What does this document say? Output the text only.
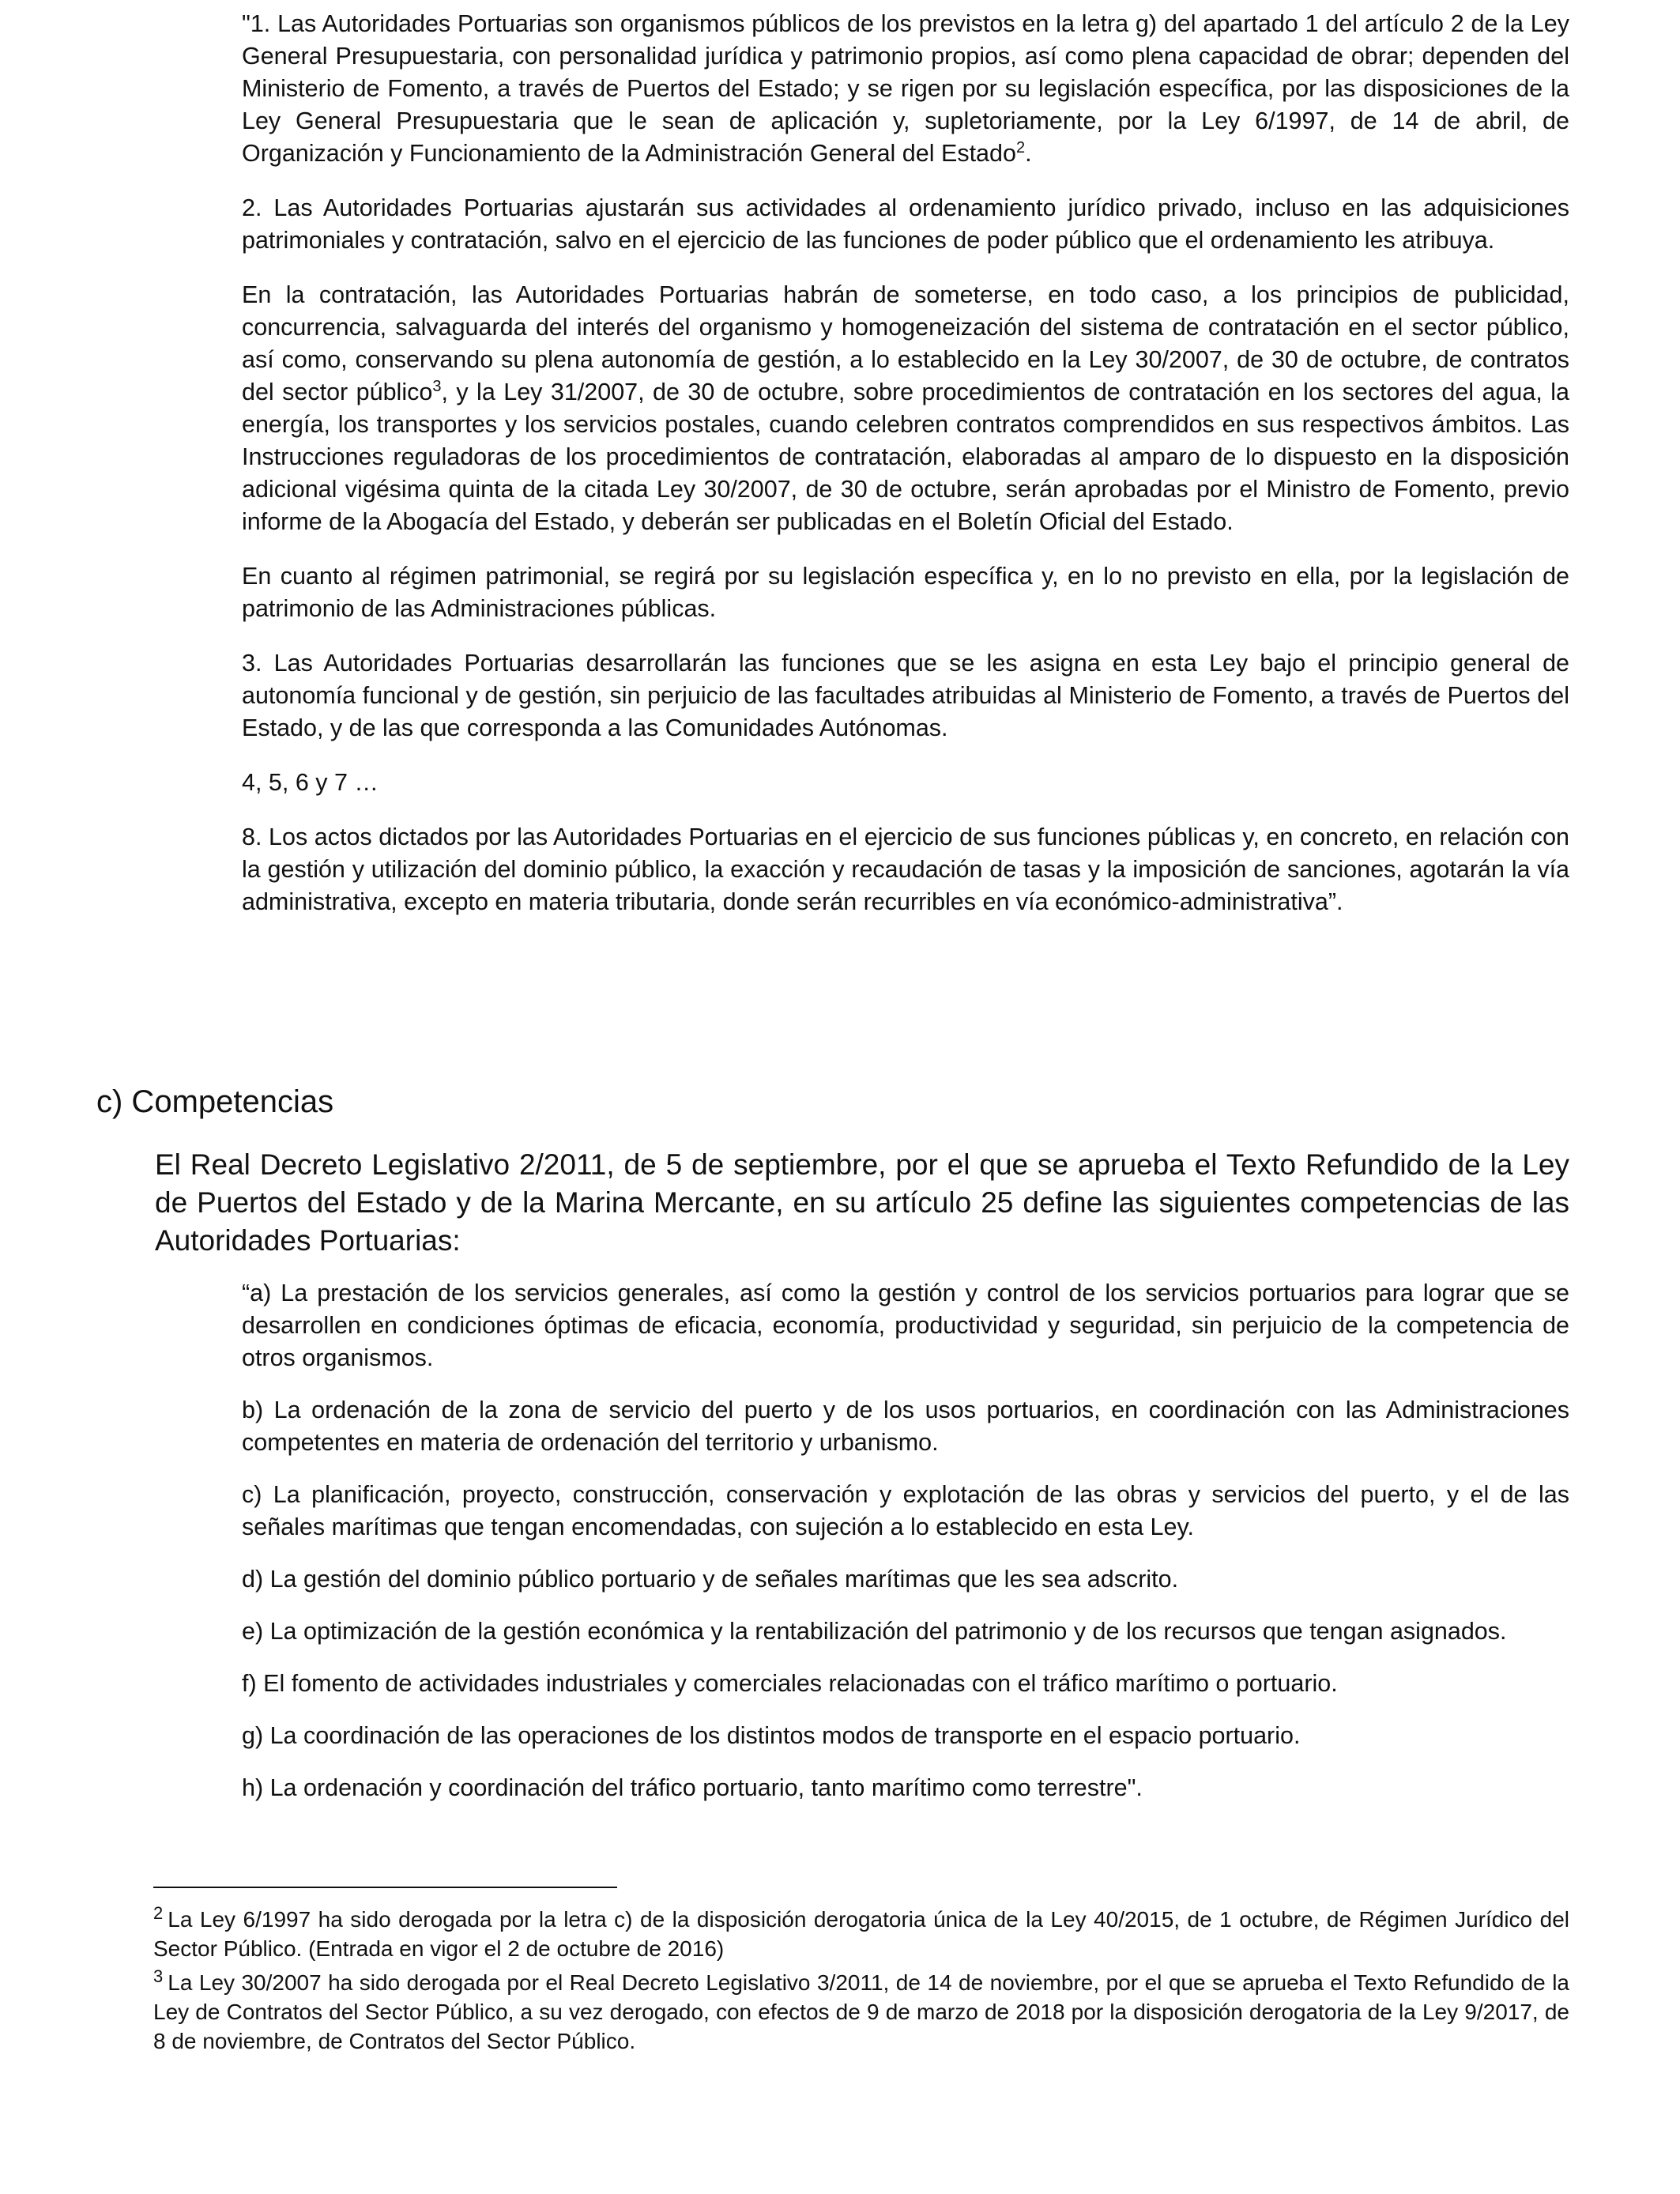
"1. Las Autoridades Portuarias son organismos públicos de los previstos en la letra g) del apartado 1 del artículo 2 de la Ley General Presupuestaria, con personalidad jurídica y patrimonio propios, así como plena capacidad de obrar; dependen del Ministerio de Fomento, a través de Puertos del Estado; y se rigen por su legislación específica, por las disposiciones de la Ley General Presupuestaria que le sean de aplicación y, supletoriamente, por la Ley 6/1997, de 14 de abril, de Organización y Funcionamiento de la Administración General del Estado$^2$.

2. Las Autoridades Portuarias ajustarán sus actividades al ordenamiento jurídico privado, incluso en las adquisiciones patrimoniales y contratación, salvo en el ejercicio de las funciones de poder público que el ordenamiento les atribuya.

En la contratación, las Autoridades Portuarias habrán de someterse, en todo caso, a los principios de publicidad, concurrencia, salvaguarda del interés del organismo y homogeneización del sistema de contratación en el sector público, así como, conservando su plena autonomía de gestión, a lo establecido en la Ley 30/2007, de 30 de octubre, de contratos del sector público$^3$, y la Ley 31/2007, de 30 de octubre, sobre procedimientos de contratación en los sectores del agua, la energía, los transportes y los servicios postales, cuando celebren contratos comprendidos en sus respectivos ámbitos. Las Instrucciones reguladoras de los procedimientos de contratación, elaboradas al amparo de lo dispuesto en la disposición adicional vigésima quinta de la citada Ley 30/2007, de 30 de octubre, serán aprobadas por el Ministro de Fomento, previo informe de la Abogacía del Estado, y deberán ser publicadas en el Boletín Oficial del Estado.

En cuanto al régimen patrimonial, se regirá por su legislación específica y, en lo no previsto en ella, por la legislación de patrimonio de las Administraciones públicas.

3. Las Autoridades Portuarias desarrollarán las funciones que se les asigna en esta Ley bajo el principio general de autonomía funcional y de gestión, sin perjuicio de las facultades atribuidas al Ministerio de Fomento, a través de Puertos del Estado, y de las que corresponda a las Comunidades Autónomas.

4, 5, 6 y 7 …

8. Los actos dictados por las Autoridades Portuarias en el ejercicio de sus funciones públicas y, en concreto, en relación con la gestión y utilización del dominio público, la exacción y recaudación de tasas y la imposición de sanciones, agotarán la vía administrativa, excepto en materia tributaria, donde serán recurribles en vía económico-administrativa”.

c) Competencias

El Real Decreto Legislativo 2/2011, de 5 de septiembre, por el que se aprueba el Texto Refundido de la Ley de Puertos del Estado y de la Marina Mercante, en su artículo 25 define las siguientes competencias de las Autoridades Portuarias:

“a) La prestación de los servicios generales, así como la gestión y control de los servicios portuarios para lograr que se desarrollen en condiciones óptimas de eficacia, economía, productividad y seguridad, sin perjuicio de la competencia de otros organismos.

b) La ordenación de la zona de servicio del puerto y de los usos portuarios, en coordinación con las Administraciones competentes en materia de ordenación del territorio y urbanismo.

c) La planificación, proyecto, construcción, conservación y explotación de las obras y servicios del puerto, y el de las señales marítimas que tengan encomendadas, con sujeción a lo establecido en esta Ley.

d) La gestión del dominio público portuario y de señales marítimas que les sea adscrito.

e) La optimización de la gestión económica y la rentabilización del patrimonio y de los recursos que tengan asignados.

f) El fomento de actividades industriales y comerciales relacionadas con el tráfico marítimo o portuario.

g) La coordinación de las operaciones de los distintos modos de transporte en el espacio portuario.

h) La ordenación y coordinación del tráfico portuario, tanto marítimo como terrestre".

$^2$ La Ley 6/1997 ha sido derogada por la letra c) de la disposición derogatoria única de la Ley 40/2015, de 1 octubre, de Régimen Jurídico del Sector Público. (Entrada en vigor el 2 de octubre de 2016)

$^3$ La Ley 30/2007 ha sido derogada por el Real Decreto Legislativo 3/2011, de 14 de noviembre, por el que se aprueba el Texto Refundido de la Ley de Contratos del Sector Público, a su vez derogado, con efectos de 9 de marzo de 2018 por la disposición derogatoria de la Ley 9/2017, de 8 de noviembre, de Contratos del Sector Público.
